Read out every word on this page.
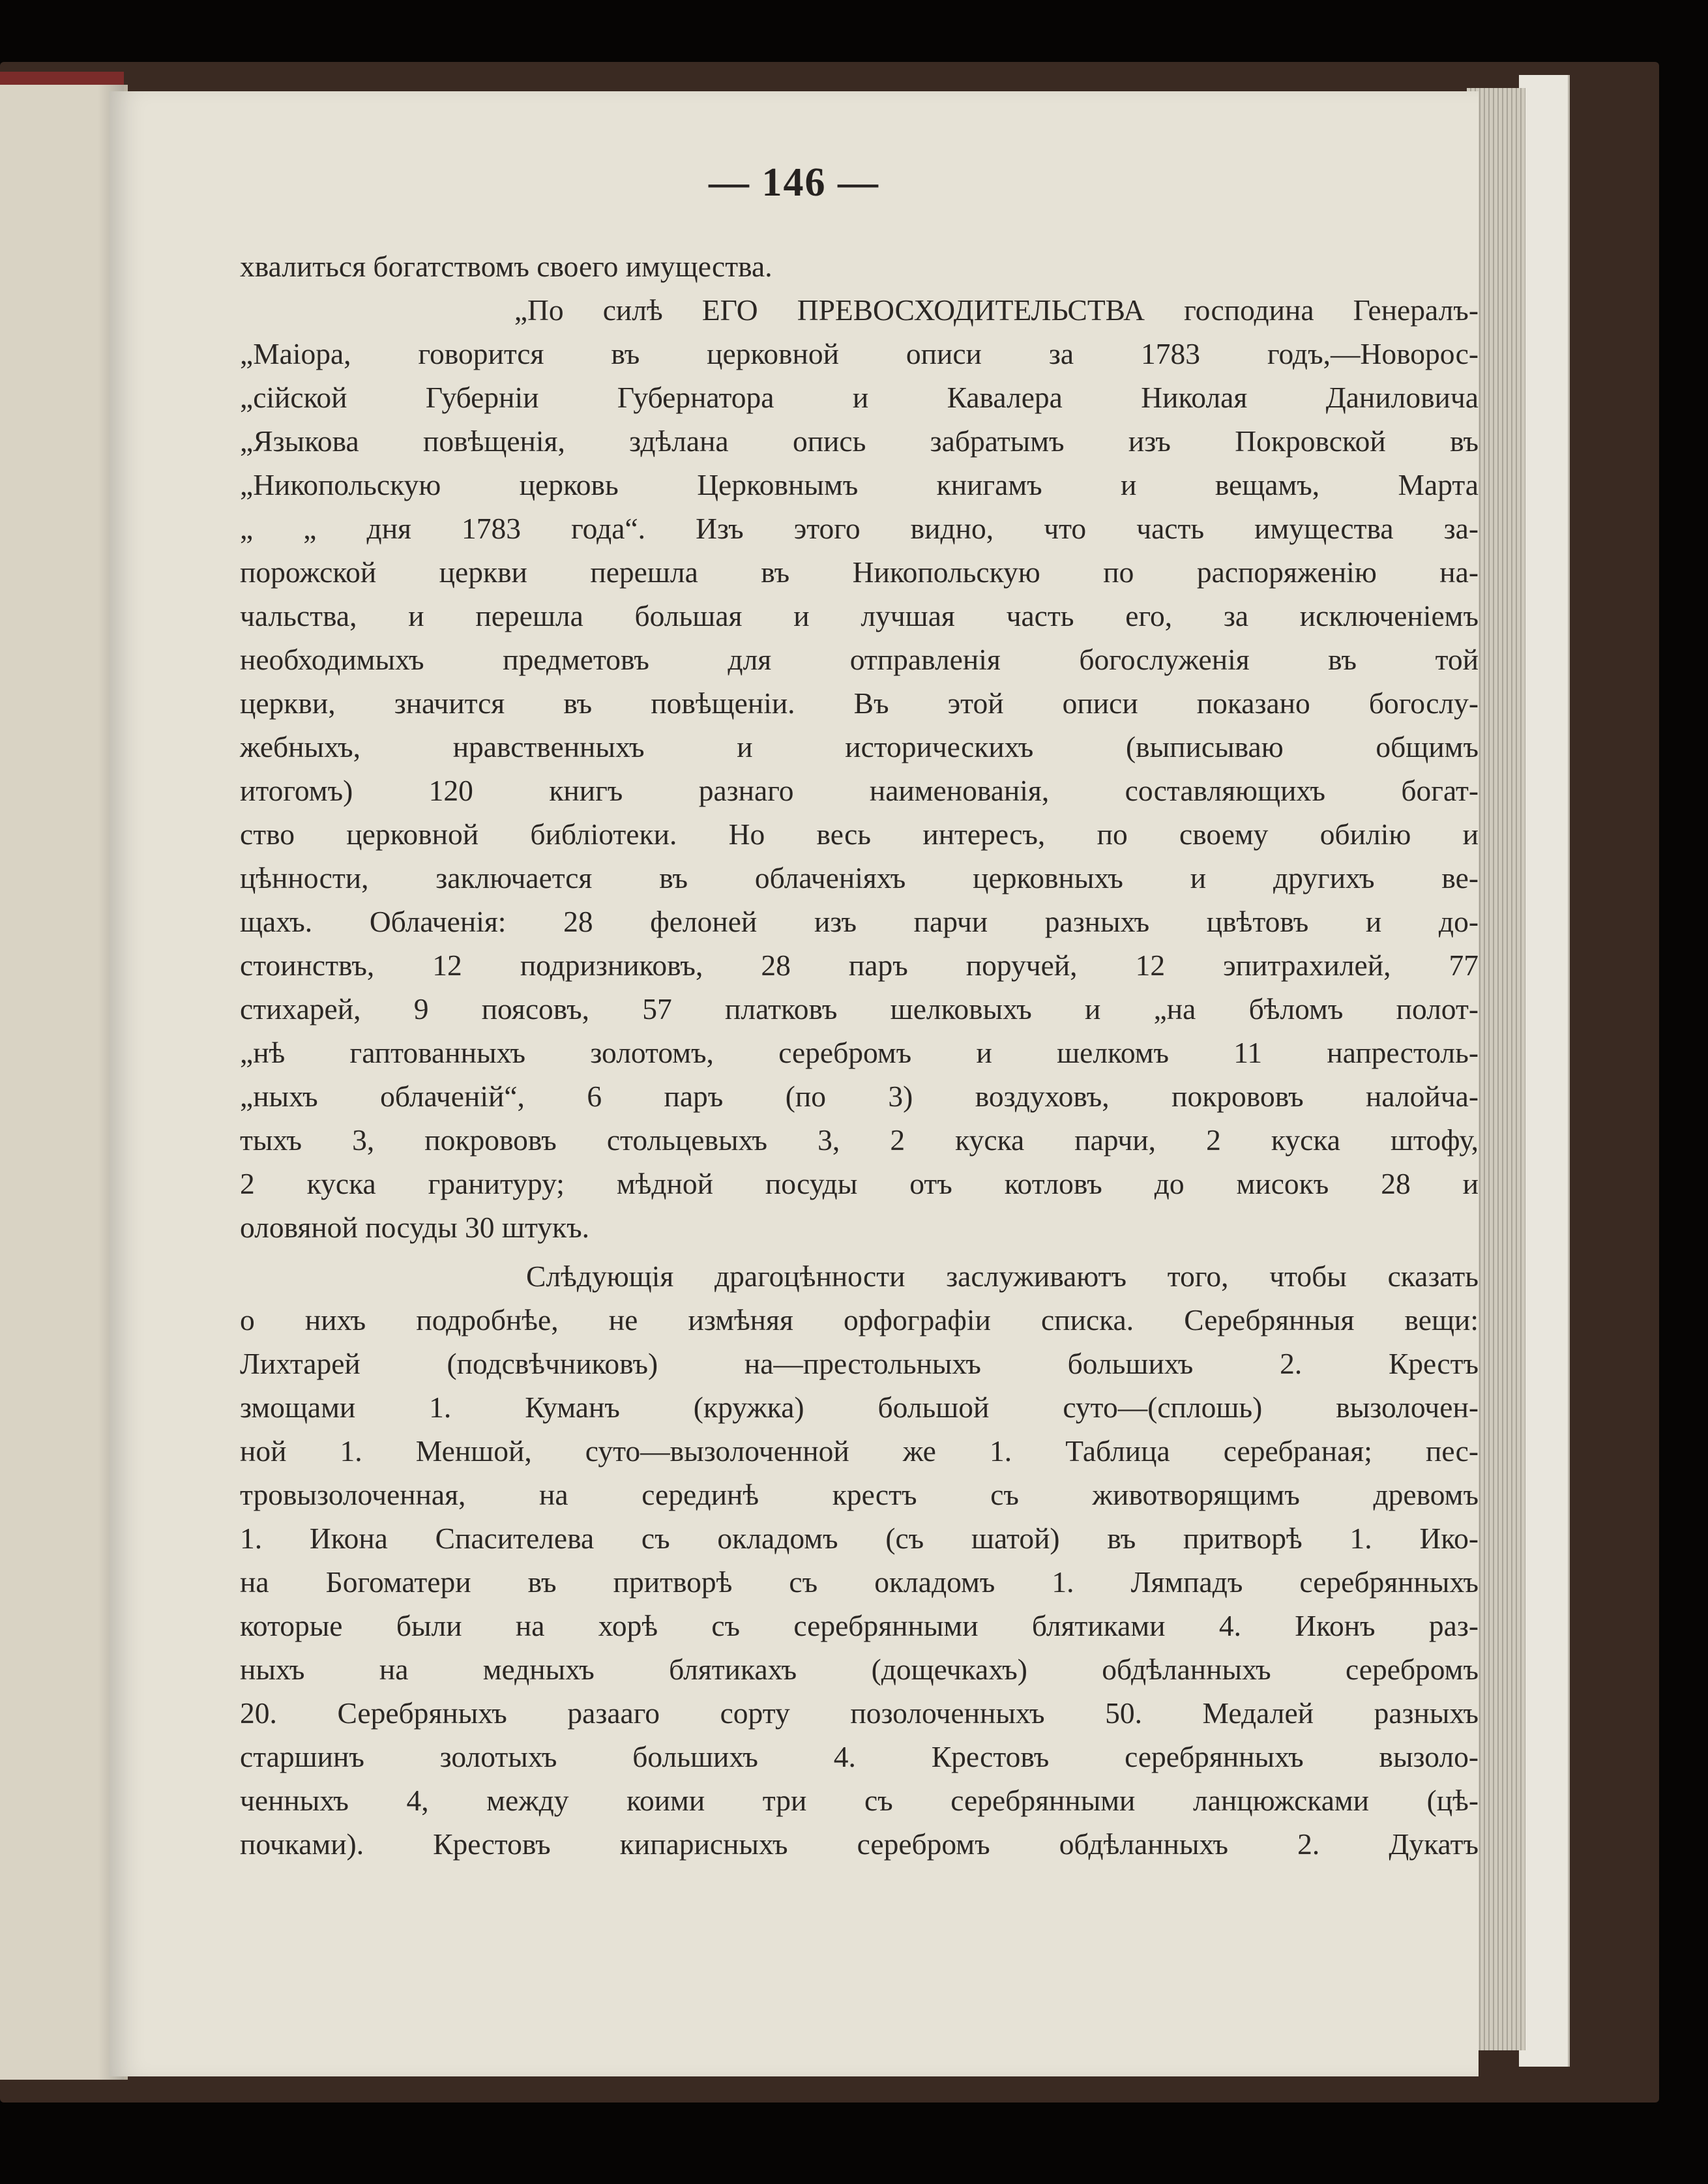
— 146 —
хвалиться богатствомъ своего имущества.
„По силѣ ЕГО ПРЕВОСХОДИТЕЛЬСТВА господина Генералъ-
„Маiора, говорится въ церковной описи за 1783 годъ,—Новорос-
„сiйской Губернiи Губернатора и Кавалера Николая Даниловича
„Языкова повѣщенiя, здѣлана опись забратымъ изъ Покровской въ
„Никопольскую церковь Церковнымъ книгамъ и вещамъ, Марта
„ „ дня 1783 года“. Изъ этого видно, что часть имущества за-
порожской церкви перешла въ Никопольскую по распоряженiю на-
чальства, и перешла большая и лучшая часть его, за исключенiемъ
необходимыхъ предметовъ для отправленiя богослуженiя въ той
церкви, значится въ повѣщенiи. Въ этой описи показано богослу-
жебныхъ, нравственныхъ и историческихъ (выписываю общимъ
итогомъ) 120 книгъ разнаго наименованiя, составляющихъ богат-
ство церковной библiотеки. Но весь интересъ, по своему обилiю и
цѣнности, заключается въ облаченiяхъ церковныхъ и другихъ ве-
щахъ. Облаченiя: 28 фелоней изъ парчи разныхъ цвѣтовъ и до-
стоинствъ, 12 подризниковъ, 28 паръ поручей, 12 эпитрахилей, 77
стихарей, 9 поясовъ, 57 платковъ шелковыхъ и „на бѣломъ полот-
„нѣ гаптованныхъ золотомъ, серебромъ и шелкомъ 11 напрестоль-
„ныхъ облаченiй“, 6 паръ (по 3) воздуховъ, покрововъ налойча-
тыхъ 3, покрововъ стольцевыхъ 3, 2 куска парчи, 2 куска штофу,
2 куска гранитуру; мѣдной посуды отъ котловъ до мисокъ 28 и
оловяной посуды 30 штукъ.
Слѣдующiя драгоцѣнности заслуживаютъ того, чтобы сказать
о нихъ подробнѣе, не измѣняя орфографiи списка. Серебрянныя вещи:
Лихтарей (подсвѣчниковъ) на—престольныхъ большихъ 2. Крестъ
змощами 1. Куманъ (кружка) большой суто—(сплошь) вызолочен-
ной 1. Меншой, суто—вызолоченной же 1. Таблица серебраная; пес-
тровызолоченная, на серединѣ крестъ съ животворящимъ древомъ
1. Икона Спасителева съ окладомъ (съ шатой) въ притворѣ 1. Ико-
на Богоматери въ притворѣ съ окладомъ 1. Лямпадъ серебрянныхъ
которые были на хорѣ съ серебрянными блятиками 4. Иконъ раз-
ныхъ на медныхъ блятикахъ (дощечкахъ) обдѣланныхъ серебромъ
20. Серебряныхъ разааго сорту позолоченныхъ 50. Медалей разныхъ
старшинъ золотыхъ большихъ 4. Крестовъ серебрянныхъ вызоло-
ченныхъ 4, между коими три съ серебрянными ланцюжсками (цѣ-
почками). Крестовъ кипарисныхъ серебромъ обдѣланныхъ 2. Дукатъ
